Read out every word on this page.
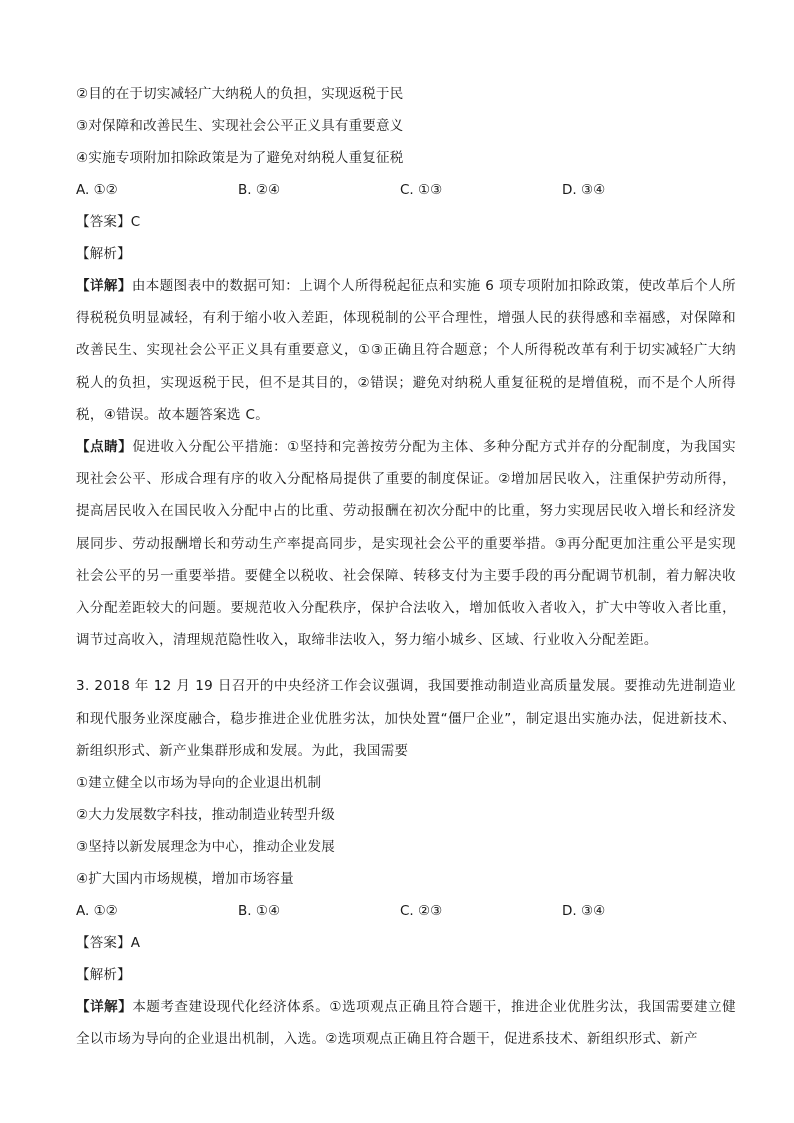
②目的在于切实减轻广大纳税人的负担，实现返税于民
③对保障和改善民生、实现社会公平正义具有重要意义
④实施专项附加扣除政策是为了避免对纳税人重复征税
A. ①②	B. ②④	C. ①③	D. ③④
【答案】C
【解析】
【详解】由本题图表中的数据可知：上调个人所得税起征点和实施 6 项专项附加扣除政策，使改革后个人所得税税负明显减轻，有利于缩小收入差距，体现税制的公平合理性，增强人民的获得感和幸福感，对保障和改善民生、实现社会公平正义具有重要意义，①③正确且符合题意；个人所得税改革有利于切实减轻广大纳税人的负担，实现返税于民，但不是其目的，②错误；避免对纳税人重复征税的是增值税，而不是个人所得税，④错误。故本题答案选 C。
【点睛】促进收入分配公平措施：①坚持和完善按劳分配为主体、多种分配方式并存的分配制度，为我国实现社会公平、形成合理有序的收入分配格局提供了重要的制度保证。②增加居民收入，注重保护劳动所得，提高居民收入在国民收入分配中占的比重、劳动报酬在初次分配中的比重，努力实现居民收入增长和经济发展同步、劳动报酬增长和劳动生产率提高同步，是实现社会公平的重要举措。③再分配更加注重公平是实现社会公平的另一重要举措。要健全以税收、社会保障、转移支付为主要手段的再分配调节机制，着力解决收入分配差距较大的问题。要规范收入分配秩序，保护合法收入，增加低收入者收入，扩大中等收入者比重，调节过高收入，清理规范隐性收入，取缔非法收入，努力缩小城乡、区域、行业收入分配差距。
3. 2018 年 12 月 19 日召开的中央经济工作会议强调，我国要推动制造业高质量发展。要推动先进制造业和现代服务业深度融合，稳步推进企业优胜劣汰，加快处置“僵尸企业”，制定退出实施办法，促进新技术、新组织形式、新产业集群形成和发展。为此，我国需要
①建立健全以市场为导向的企业退出机制
②大力发展数字科技，推动制造业转型升级
③坚持以新发展理念为中心，推动企业发展
④扩大国内市场规模，增加市场容量
A. ①②	B. ①④	C. ②③	D. ③④
【答案】A
【解析】
【详解】本题考查建设现代化经济体系。①选项观点正确且符合题干，推进企业优胜劣汰，我国需要建立健全以市场为导向的企业退出机制，入选。②选项观点正确且符合题干，促进系技术、新组织形式、新产
